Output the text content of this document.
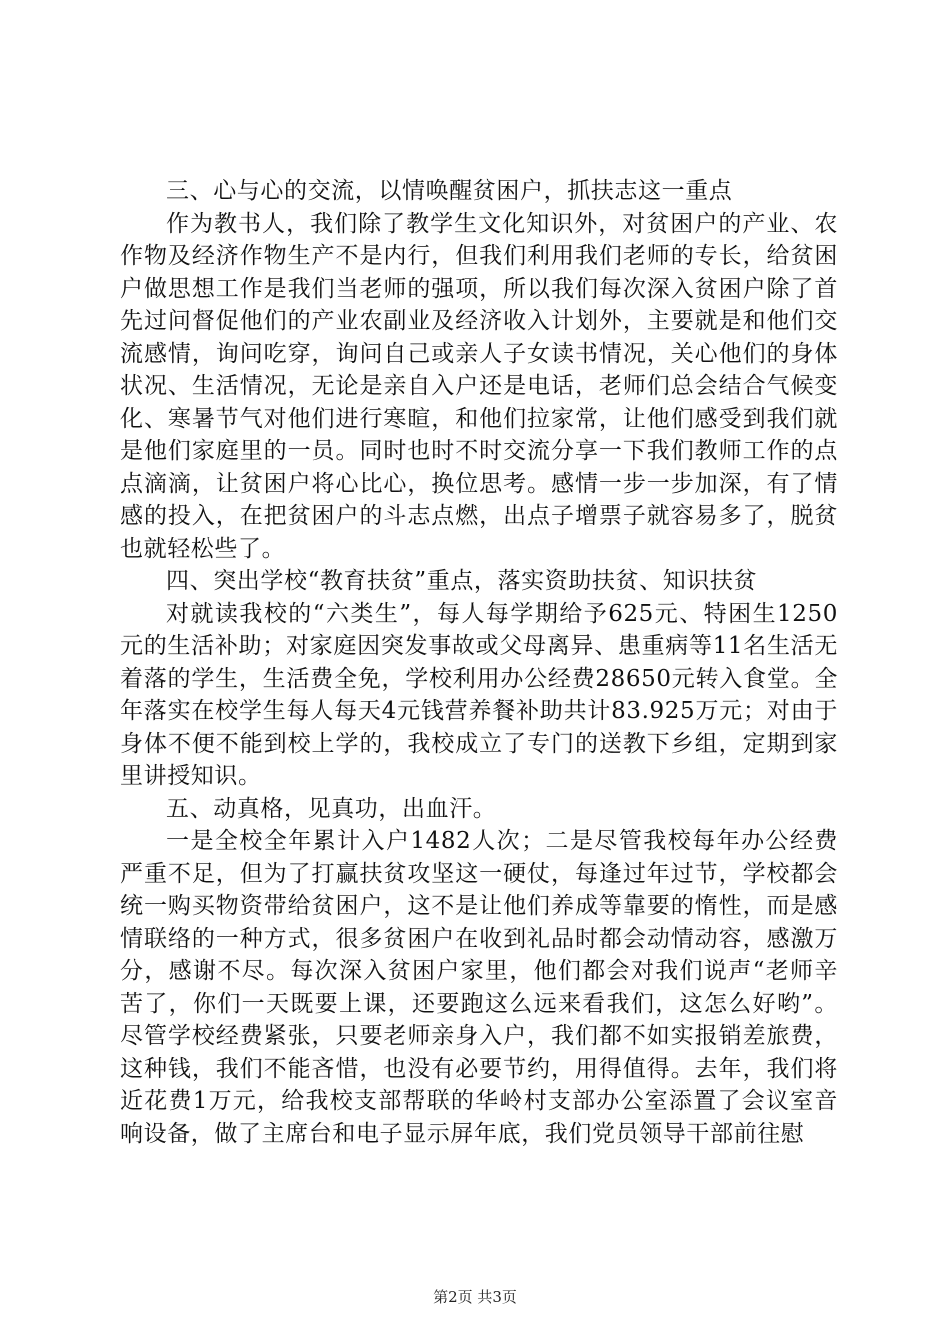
三、心与心的交流，以情唤醒贫困户，抓扶志这一重点

作为教书人，我们除了教学生文化知识外，对贫困户的产业、农作物及经济作物生产不是内行，但我们利用我们老师的专长，给贫困户做思想工作是我们当老师的强项，所以我们每次深入贫困户除了首先过问督促他们的产业农副业及经济收入计划外，主要就是和他们交流感情，询问吃穿，询问自己或亲人子女读书情况，关心他们的身体状况、生活情况，无论是亲自入户还是电话，老师们总会结合气候变化、寒暑节气对他们进行寒暄，和他们拉家常，让他们感受到我们就是他们家庭里的一员。同时也时不时交流分享一下我们教师工作的点点滴滴，让贫困户将心比心，换位思考。感情一步一步加深，有了情感的投入，在把贫困户的斗志点燃，出点子增票子就容易多了，脱贫也就轻松些了。

四、突出学校“教育扶贫”重点，落实资助扶贫、知识扶贫

对就读我校的“六类生”，每人每学期给予625元、特困生1250元的生活补助；对家庭因突发事故或父母离异、患重病等11名生活无着落的学生，生活费全免，学校利用办公经费28650元转入食堂。全年落实在校学生每人每天4元钱营养餐补助共计83.925万元；对由于身体不便不能到校上学的，我校成立了专门的送教下乡组，定期到家里讲授知识。

五、动真格，见真功，出血汗。

一是全校全年累计入户1482人次；二是尽管我校每年办公经费严重不足，但为了打赢扶贫攻坚这一硬仗，每逢过年过节，学校都会统一购买物资带给贫困户，这不是让他们养成等靠要的惰性，而是感情联络的一种方式，很多贫困户在收到礼品时都会动情动容，感激万分，感谢不尽。每次深入贫困户家里，他们都会对我们说声“老师辛苦了，你们一天既要上课，还要跑这么远来看我们，这怎么好哟”。尽管学校经费紧张，只要老师亲身入户，我们都不如实报销差旅费，这种钱，我们不能吝惜，也没有必要节约，用得值得。去年，我们将近花费1万元，给我校支部帮联的华岭村支部办公室添置了会议室音响设备，做了主席台和电子显示屏年底，我们党员领导干部前往慰

第2页 共3页
